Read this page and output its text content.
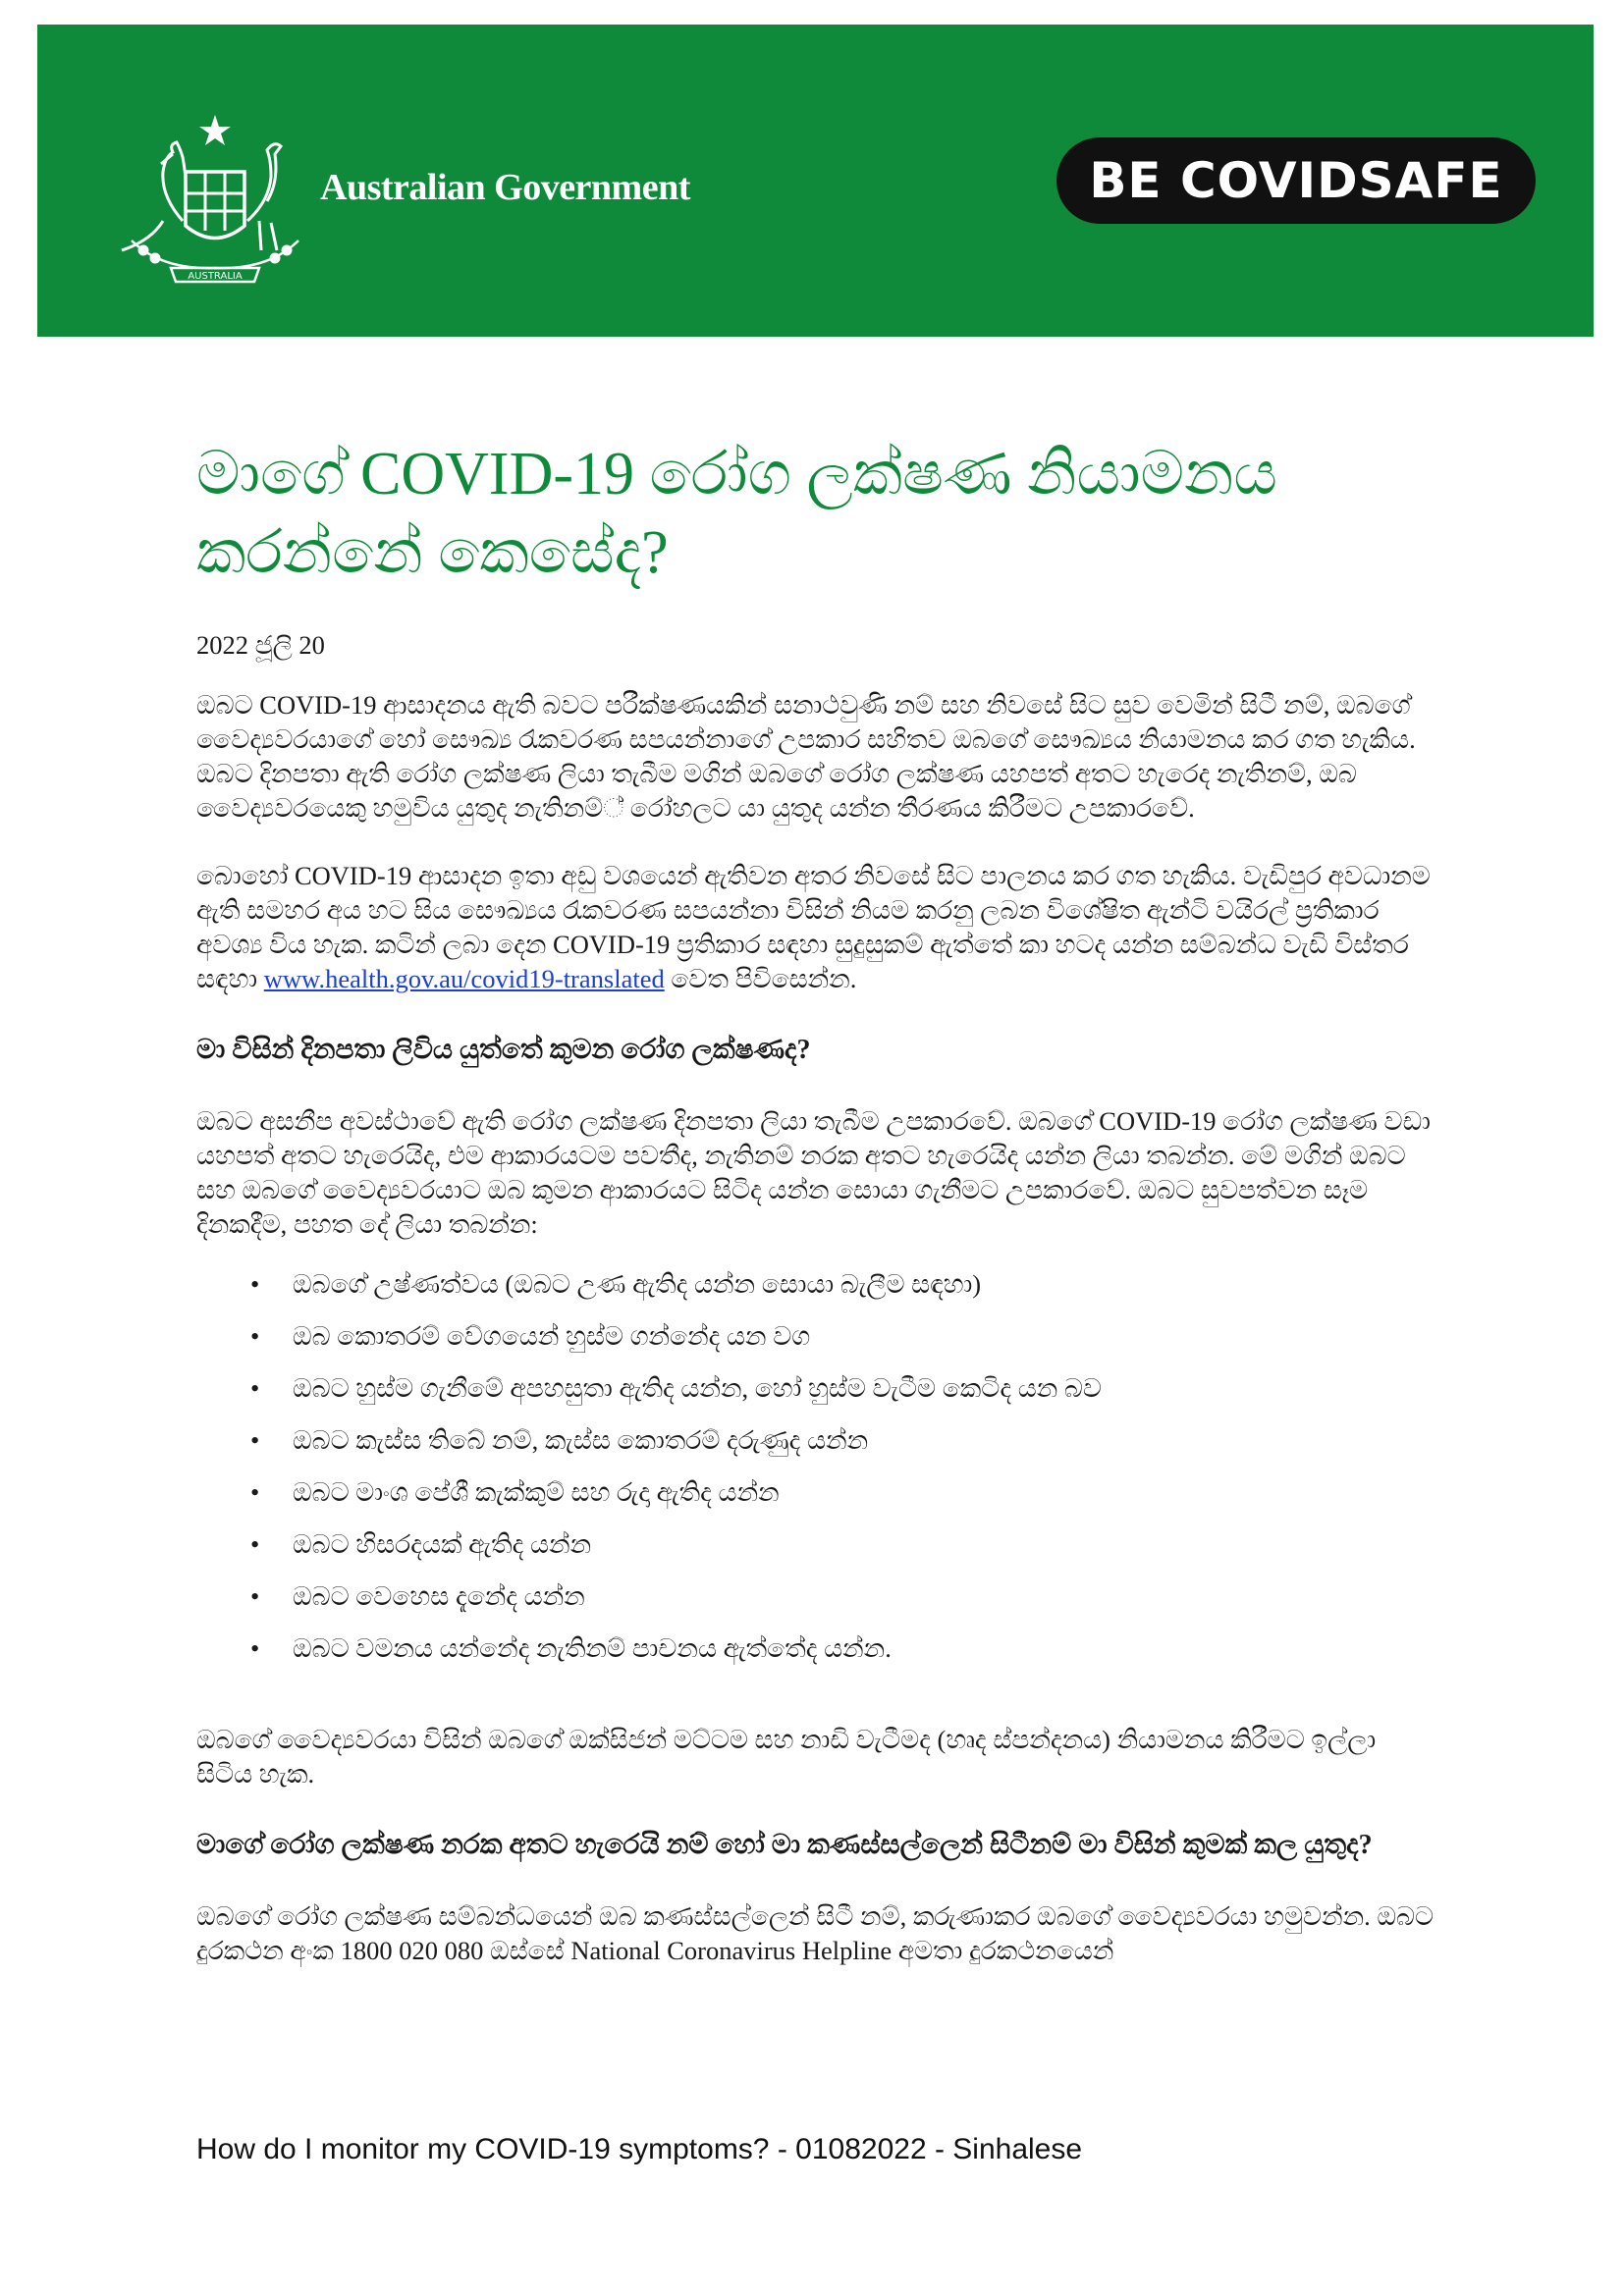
AUSTRALIA
Australian Government	BE COVID SAFE
මාගේ COVID-19 රෝග ලක්ෂණ නියාමනය කරන්නේ කෙසේද?

2022 ජූලි 20

ඔබට COVID-19 ආසාදනය ඇති බවට පරීක්ෂණයකින් සනාථවුණි නම් සහ නිවසේ සිට සුව වෙමින් සිටී නම්, ඔබගේ වෛද්‍යවරයාගේ හෝ සෞඛ්‍ය රැකවරණ සපයන්නාගේ උපකාර සහිතව ඔබගේ සෞඛ්‍යය නියාමනය කර ගත හැකිය. ඔබට දිනපතා ඇති රෝග ලක්ෂණ ලියා තැබීම මගින් ඔබගේ රෝග ලක්ෂණ යහපත් අතට හැරෙද නැතිනම්, ඔබ වෛද්‍යවරයෙකු හමුවිය යුතුද නැතිනම්් රෝහලට යා යුතුද යන්න තීරණය කිරීමට උපකාරවේ.

බොහෝ COVID-19 ආසාදන ඉතා අඩු වශයෙන් ඇතිවන අතර නිවසේ සිට පාලනය කර ගත හැකිය. වැඩිපුර අවධානම ඇති සමහර අය හට සිය සෞඛ්‍යය රැකවරණ සපයන්නා විසින් නියම කරනු ලබන විශේෂිත ඇන්ටි වයිරල් ප්‍රතිකාර අවශ්‍ය විය හැක. කටින් ලබා දෙන COVID-19 ප්‍රතිකාර සඳහා සුදුසුකම් ඇත්තේ කා හටද යන්න සම්බන්ධ වැඩි විස්තර සඳහා www.health.gov.au/covid19-translated වෙත පිවිසෙන්න.

මා විසින් දිනපතා ලිවිය යුත්තේ කුමන රෝග ලක්ෂණද?

ඔබට අසනීප අවස්ථාවේ ඇති රෝග ලක්ෂණ දිනපතා ලියා තැබීම උපකාරවේ. ඔබගේ COVID-19 රෝග ලක්ෂණ වඩා යහපත් අතට හැරෙයිද, එම ආකාරයටම පවතීද, නැතිනම් නරක අතට හැරෙයිද යන්න ලියා තබන්න. මේ මගින් ඔබට සහ ඔබගේ වෛද්‍යවරයාට ඔබ කුමන ආකාරයට සිටිද යන්න සොයා ගැනීමට උපකාරවේ. ඔබට සුවපත්වන සෑම දිනකදීම, පහත දේ ලියා තබන්න:

• ඔබගේ උෂ්ණත්වය (ඔබට උණ ඇතිද යන්න සොයා බැලීම සඳහා)
• ඔබ කොතරම් වේගයෙන් හුස්ම ගන්නේද යන වග
• ඔබට හුස්ම ගැනීමේ අපහසුතා ඇතිද යන්න, හෝ හුස්ම වැටීම කෙටිද යන බව
• ඔබට කැස්ස තිබේ නම්, කැස්ස කොතරම් දරුණුද යන්න
• ඔබට මාංශ පේශී කැක්කුම් සහ රුදා ඇතිද යන්න
• ඔබට හිසරදයක් ඇතිද යන්න
• ඔබට වෙහෙස දැනේද යන්න
• ඔබට වමනය යන්නේද නැතිනම් පාචනය ඇත්තේද යන්න.

ඔබගේ වෛද්‍යවරයා විසින් ඔබගේ ඔක්සිජන් මට්ටම සහ නාඩි වැටීමද (හෘද ස්පන්දනය) නියාමනය කිරීමට ඉල්ලා සිටිය හැක.

මාගේ රෝග ලක්ෂණ නරක අතට හැරෙයි නම් හෝ මා කණස්සල්ලෙන් සිටීනම් මා විසින් කුමක් කල යුතුද?

ඔබගේ රෝග ලක්ෂණ සම්බන්ධයෙන් ඔබ කණස්සල්ලෙන් සිටී නම්, කරුණාකර ඔබගේ වෛද්‍යවරයා හමුවන්න. ඔබට දුරකථන අංක 1800 020 080 ඔස්සේ National Coronavirus Helpline අමතා දුරකථනයෙන්

How do I monitor my COVID-19 symptoms? - 01082022 - Sinhalese
